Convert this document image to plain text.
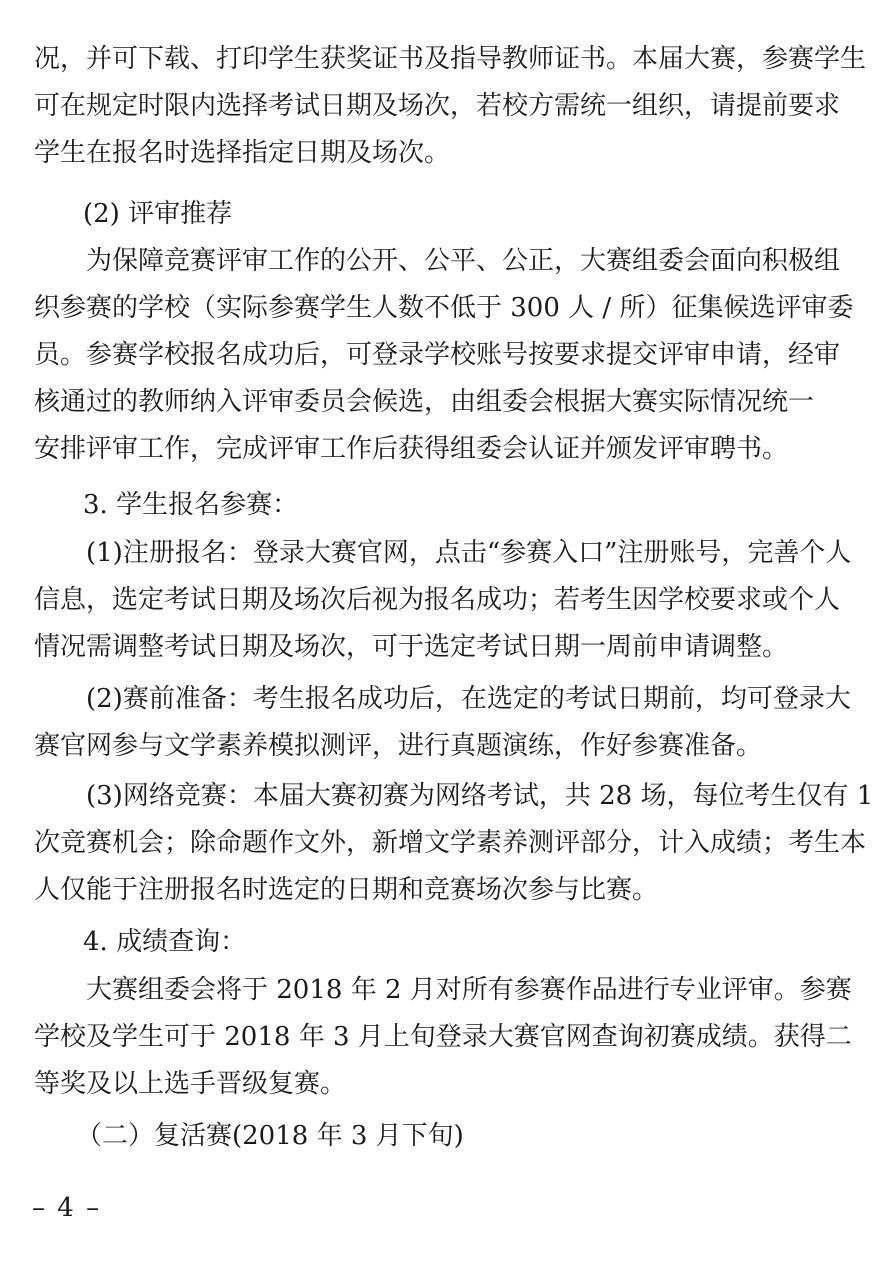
况，并可下载、打印学生获奖证书及指导教师证书。本届大赛，参赛学生
可在规定时限内选择考试日期及场次，若校方需统一组织，请提前要求
学生在报名时选择指定日期及场次。
(2) 评审推荐
　　为保障竞赛评审工作的公开、公平、公正，大赛组委会面向积极组
织参赛的学校（实际参赛学生人数不低于 300 人 / 所）征集候选评审委
员。参赛学校报名成功后，可登录学校账号按要求提交评审申请，经审
核通过的教师纳入评审委员会候选，由组委会根据大赛实际情况统一
安排评审工作，完成评审工作后获得组委会认证并颁发评审聘书。
3. 学生报名参赛：
　　(1)注册报名：登录大赛官网，点击“参赛入口”注册账号，完善个人
信息，选定考试日期及场次后视为报名成功；若考生因学校要求或个人
情况需调整考试日期及场次，可于选定考试日期一周前申请调整。
　　(2)赛前准备：考生报名成功后，在选定的考试日期前，均可登录大
赛官网参与文学素养模拟测评，进行真题演练，作好参赛准备。
　　(3)网络竞赛：本届大赛初赛为网络考试，共 28 场，每位考生仅有 1
次竞赛机会；除命题作文外，新增文学素养测评部分，计入成绩；考生本
人仅能于注册报名时选定的日期和竞赛场次参与比赛。
4. 成绩查询：
　　大赛组委会将于 2018 年 2 月对所有参赛作品进行专业评审。参赛
学校及学生可于 2018 年 3 月上旬登录大赛官网查询初赛成绩。获得二
等奖及以上选手晋级复赛。
（二）复活赛(2018 年 3 月下旬)
– 4 –
